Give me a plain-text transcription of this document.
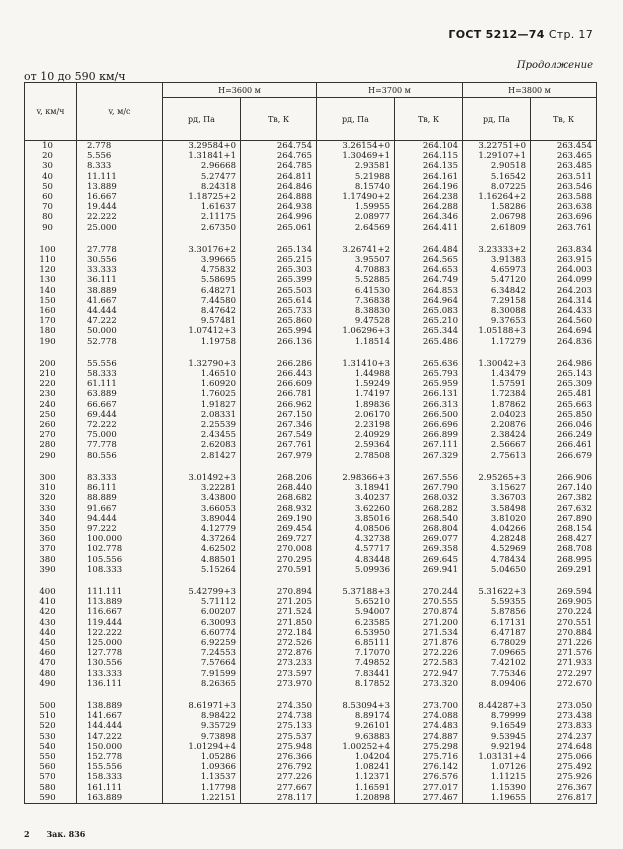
ГОСТ 5212—74 Стр. 17
Продолжение
от 10 до 590 км/ч
v, км/ч	v, м/с	H=3600 м		H=3700 м		H=3800 м	
		pд, Па	Tв, К	pд, Па	Tв, К	pд, Па	Tв, К
10	2.778	3.29584+0	264.754	3.26154+0	264.104	3.22751+0	263.454
20	5.556	1.31841+1	264.765	1.30469+1	264.115	1.29107+1	263.465
30	8.333	2.96668	264.785	2.93581	264.135	2.90518	263.485
40	11.111	5.27477	264.811	5.21988	264.161	5.16542	263.511
50	13.889	8.24318	264.846	8.15740	264.196	8.07225	263.546
60	16.667	1.18725+2	264.888	1.17490+2	264.238	1.16264+2	263.588
70	19.444	1.61637	264.938	1.59955	264.288	1.58286	263.638
80	22.222	2.11175	264.996	2.08977	264.346	2.06798	263.696
90	25.000	2.67350	265.061	2.64569	264.411	2.61809	263.761

100	27.778	3.30176+2	265.134	3.26741+2	264.484	3.23333+2	263.834
110	30.556	3.99665	265.215	3.95507	264.565	3.91383	263.915
120	33.333	4.75832	265.303	4.70883	264.653	4.65973	264.003
130	36.111	5.58695	265.399	5.52885	264.749	5.47120	264.099
140	38.889	6.48271	265.503	6.41530	264.853	6.34842	264.203
150	41.667	7.44580	265.614	7.36838	264.964	7.29158	264.314
160	44.444	8.47642	265.733	8.38830	265.083	8.30088	264.433
170	47.222	9.57481	265.860	9.47528	265.210	9.37653	264.560
180	50.000	1.07412+3	265.994	1.06296+3	265.344	1.05188+3	264.694
190	52.778	1.19758	266.136	1.18514	265.486	1.17279	264.836

200	55.556	1.32790+3	266.286	1.31410+3	265.636	1.30042+3	264.986
210	58.333	1.46510	266.443	1.44988	265.793	1.43479	265.143
220	61.111	1.60920	266.609	1.59249	265.959	1.57591	265.309
230	63.889	1.76025	266.781	1.74197	266.131	1.72384	265.481
240	66.667	1.91827	266.962	1.89836	266.313	1.87862	265.663
250	69.444	2.08331	267.150	2.06170	266.500	2.04023	265.850
260	72.222	2.25539	267.346	2.23198	266.696	2.20876	266.046
270	75.000	2.43455	267.549	2.40929	266.899	2.38424	266.249
280	77.778	2.62083	267.761	2.59364	267.111	2.56667	266.461
290	80.556	2.81427	267.979	2.78508	267.329	2.75613	266.679

300	83.333	3.01492+3	268.206	2.98366+3	267.556	2.95265+3	266.906
310	86.111	3.22281	268.440	3.18941	267.790	3.15627	267.140
320	88.889	3.43800	268.682	3.40237	268.032	3.36703	267.382
330	91.667	3.66053	268.932	3.62260	268.282	3.58498	267.632
340	94.444	3.89044	269.190	3.85016	268.540	3.81020	267.890
350	97.222	4.12779	269.454	4.08506	268.804	4.04266	268.154
360	100.000	4.37264	269.727	4.32738	269.077	4.28248	268.427
370	102.778	4.62502	270.008	4.57717	269.358	4.52969	268.708
380	105.556	4.88501	270.295	4.83448	269.645	4.78434	268.995
390	108.333	5.15264	270.591	5.09936	269.941	5.04650	269.291

400	111.111	5.42799+3	270.894	5.37188+3	270.244	5.31622+3	269.594
410	113.889	5.71112	271.205	5.65210	270.555	5.59355	269.905
420	116.667	6.00207	271.524	5.94007	270.874	5.87856	270.224
430	119.444	6.30093	271.850	6.23585	271.200	6.17131	270.551
440	122.222	6.60774	272.184	6.53950	271.534	6.47187	270.884
450	125.000	6.92259	272.526	6.85111	271.876	6.78029	271.226
460	127.778	7.24553	272.876	7.17070	272.226	7.09665	271.576
470	130.556	7.57664	273.233	7.49852	272.583	7.42102	271.933
480	133.333	7.91599	273.597	7.83441	272.947	7.75346	272.297
490	136.111	8.26365	273.970	8.17852	273.320	8.09406	272.670

500	138.889	8.61971+3	274.350	8.53094+3	273.700	8.44287+3	273.050
510	141.667	8.98422	274.738	8.89174	274.088	8.79999	273.438
520	144.444	9.35729	275.133	9.26101	274.483	9.16549	273.833
530	147.222	9.73898	275.537	9.63883	274.887	9.53945	274.237
540	150.000	1.01294+4	275.948	1.00252+4	275.298	9.92194	274.648
550	152.778	1.05286	276.366	1.04204	275.716	1.03131+4	275.066
560	155.556	1.09366	276.792	1.08241	276.142	1.07126	275.492
570	158.333	1.13537	277.226	1.12371	276.576	1.11215	275.926
580	161.111	1.17798	277.667	1.16591	277.017	1.15390	276.367
590	163.889	1.22151	278.117	1.20898	277.467	1.19655	276.817
2 Зак. 836
